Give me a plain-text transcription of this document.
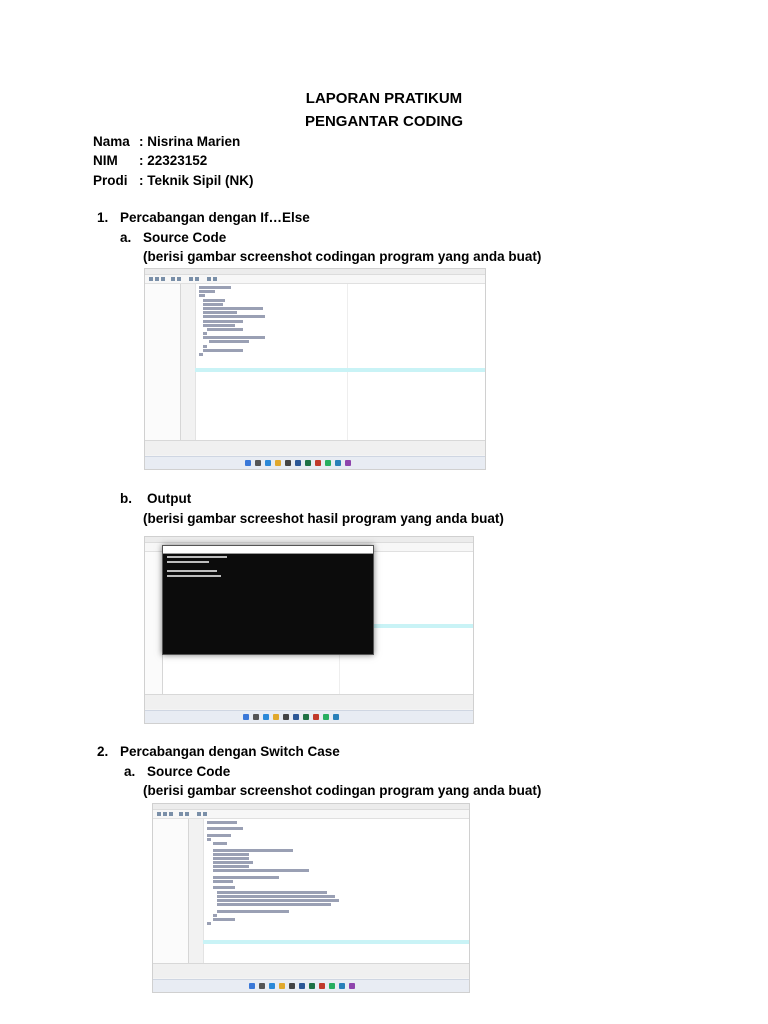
LAPORAN PRATIKUM
PENGANTAR CODING
Nama : Nisrina Marien
NIM : 22323152
Prodi : Teknik Sipil (NK)
1. Percabangan dengan If…Else
a. Source Code
(berisi gambar screenshot codingan program yang anda buat)
b. Output
(berisi gambar screeshot hasil program yang anda buat)
2. Percabangan dengan Switch Case
a. Source Code
(berisi gambar screenshot codingan program yang anda buat)
